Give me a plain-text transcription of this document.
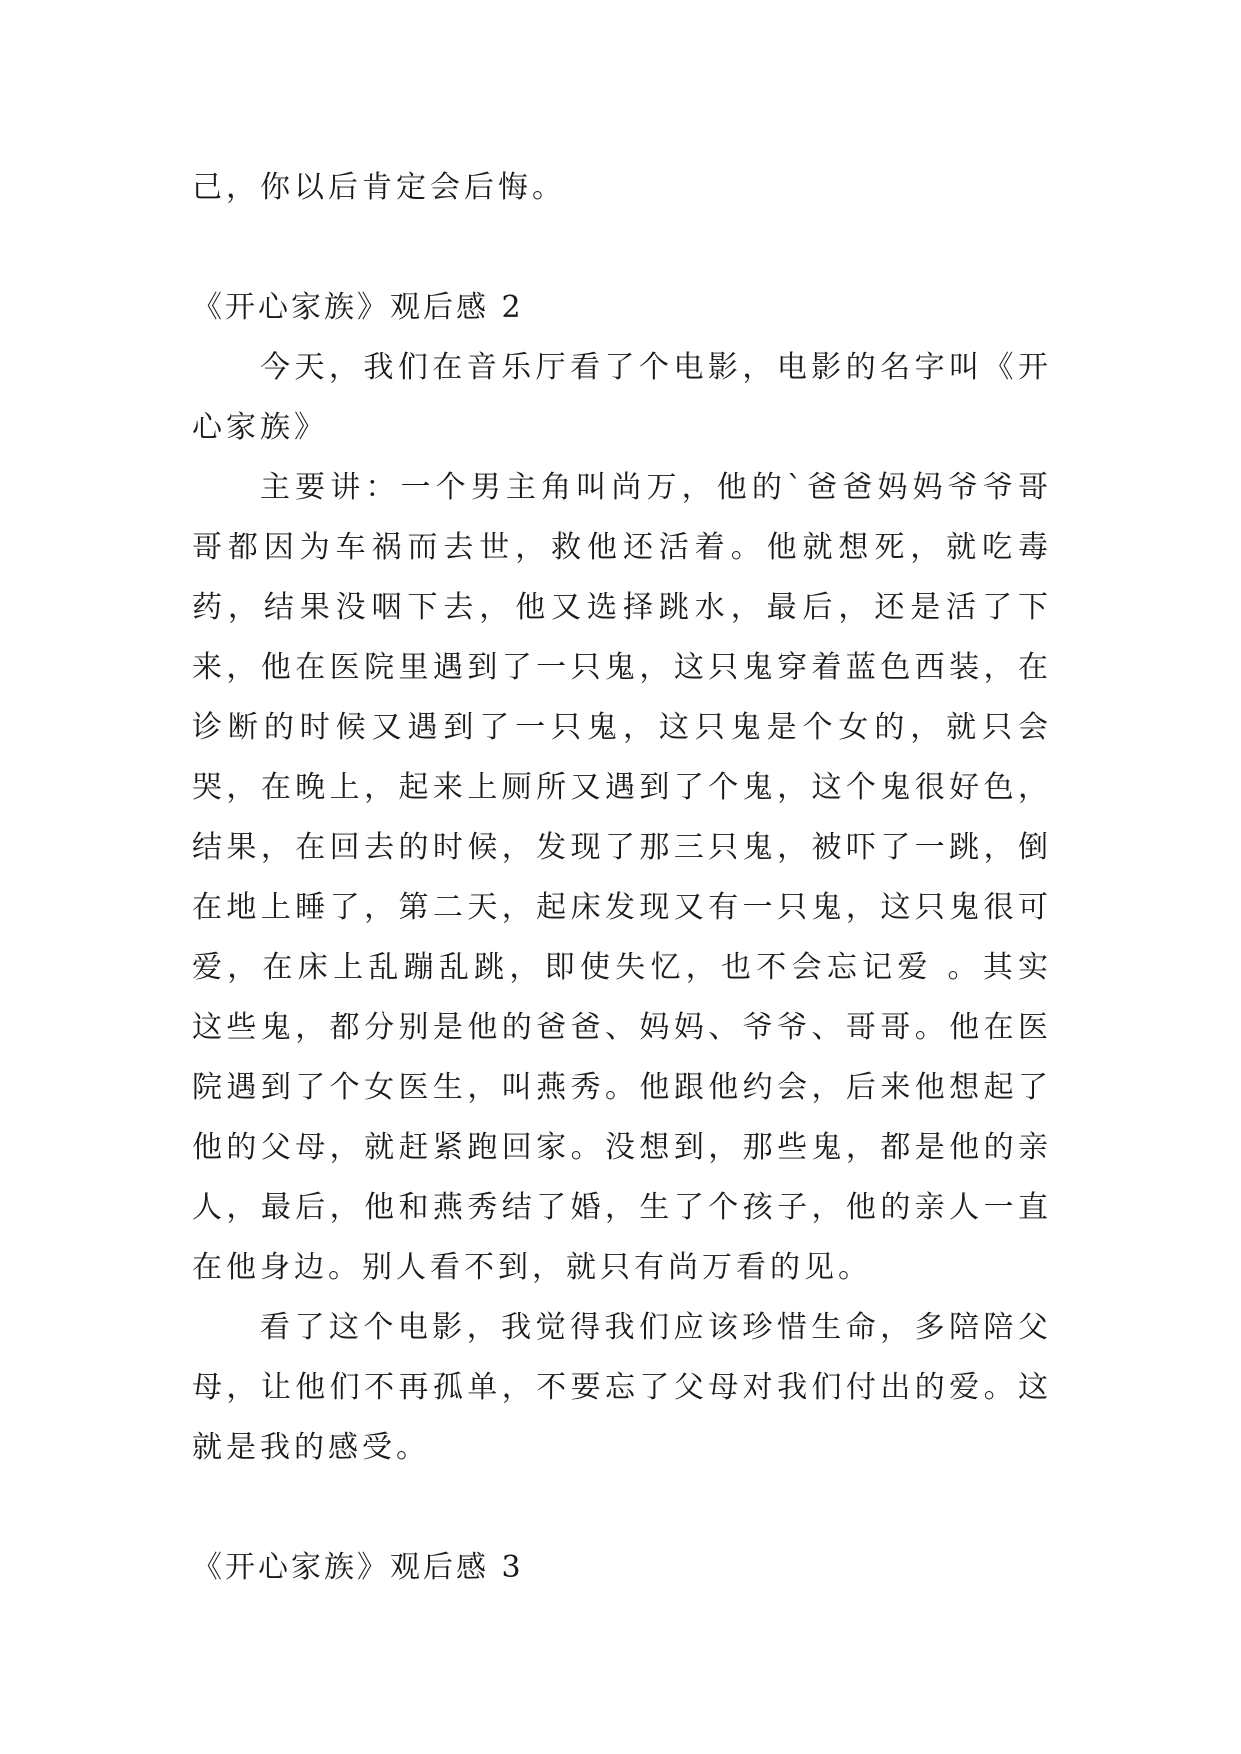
己，你以后肯定会后悔。

《开心家族》观后感 2

今天，我们在音乐厅看了个电影，电影的名字叫《开心家族》

主要讲：一个男主角叫尚万，他的`爸爸妈妈爷爷哥哥都因为车祸而去世，救他还活着。他就想死，就吃毒药，结果没咽下去，他又选择跳水，最后，还是活了下来，他在医院里遇到了一只鬼，这只鬼穿着蓝色西装，在诊断的时候又遇到了一只鬼，这只鬼是个女的，就只会哭，在晚上，起来上厕所又遇到了个鬼，这个鬼很好色，结果，在回去的时候，发现了那三只鬼，被吓了一跳，倒在地上睡了，第二天，起床发现又有一只鬼，这只鬼很可爱，在床上乱蹦乱跳，即使失忆，也不会忘记爱 。其实这些鬼，都分别是他的爸爸、妈妈、爷爷、哥哥。他在医院遇到了个女医生，叫燕秀。他跟他约会，后来他想起了他的父母，就赶紧跑回家。没想到，那些鬼，都是他的亲人，最后，他和燕秀结了婚，生了个孩子，他的亲人一直在他身边。别人看不到，就只有尚万看的见。

看了这个电影，我觉得我们应该珍惜生命，多陪陪父母，让他们不再孤单，不要忘了父母对我们付出的爱。这就是我的感受。

《开心家族》观后感 3
